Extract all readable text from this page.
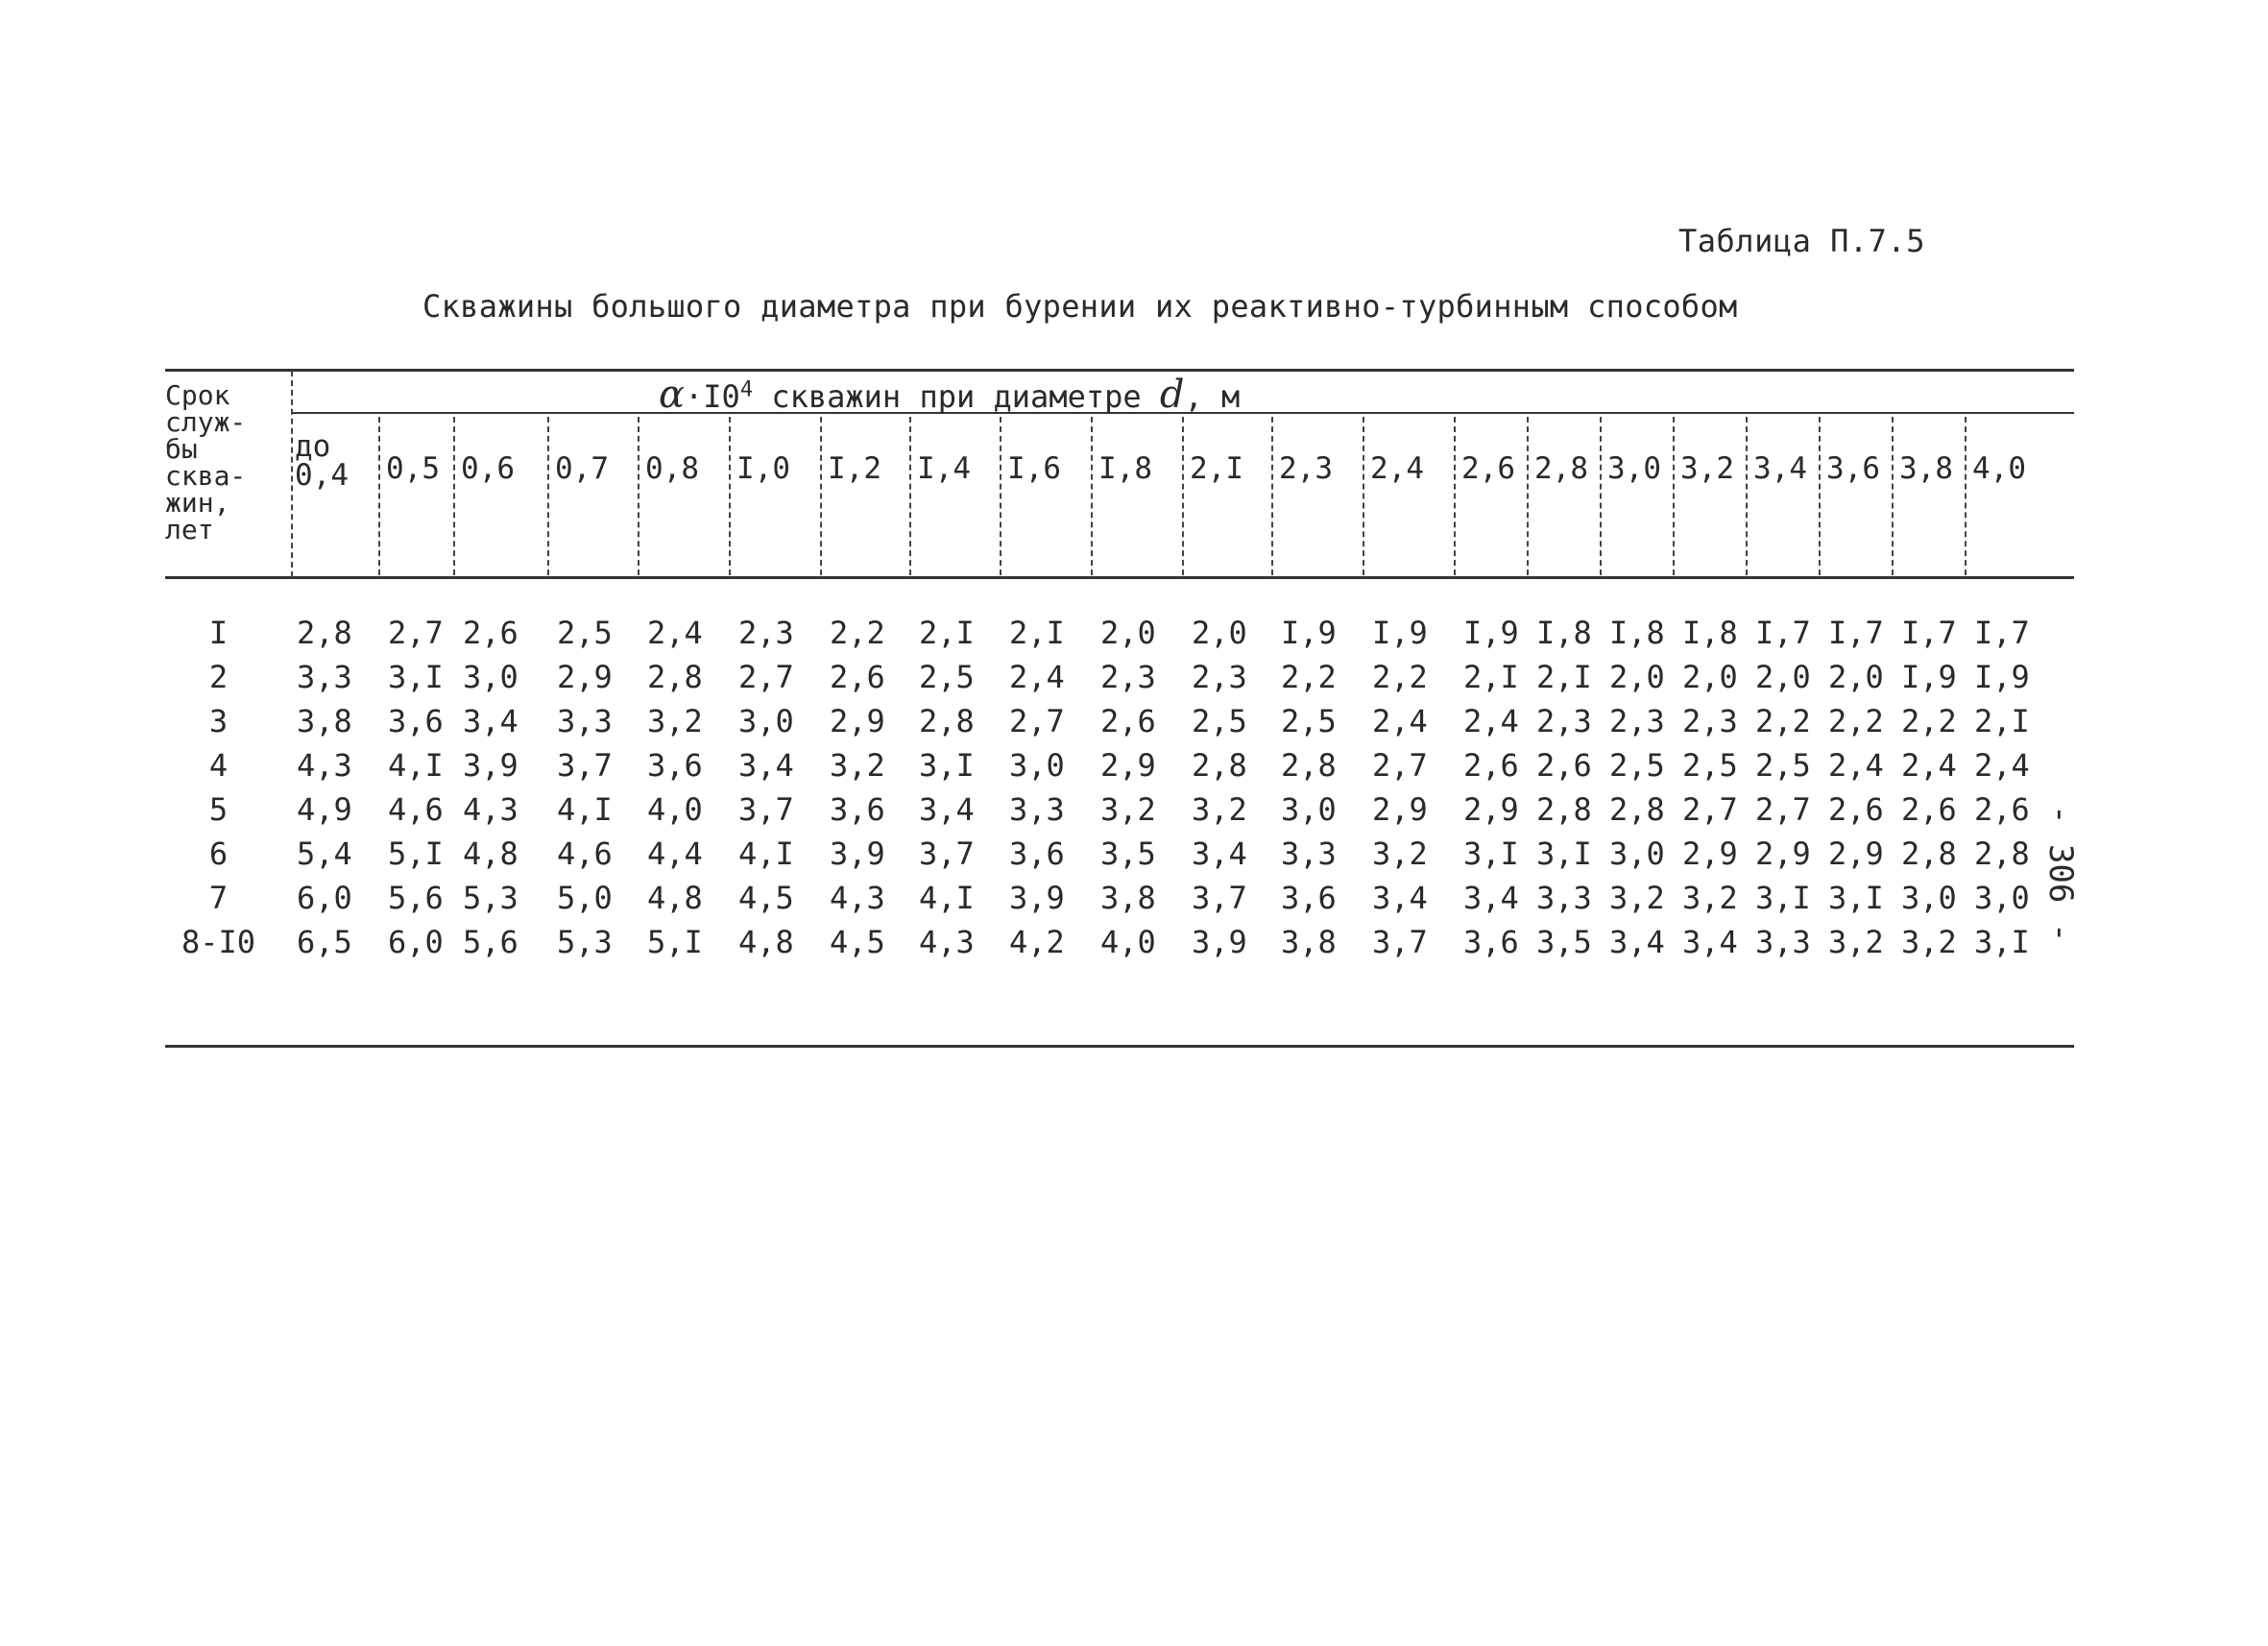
Таблица П.7.5
Скважины большого диаметра при бурении их реактивно-турбинным способом
Срок
служ-
бы
сква-
жин,
лет
$\alpha\cdot I0^4$ скважин при диаметре d, м
до
0,4 0,5 0,6 0,7 0,8 I,0 I,2 I,4 I,6 I,8 2,I 2,3 2,4 2,6 2,8 3,0 3,2 3,4 3,6 3,8 4,0
I	2,8 2,7 2,6 2,5 2,4 2,3 2,2 2,I 2,I 2,0 2,0 I,9 I,9 I,9 I,8 I,8 I,8 I,7 I,7 I,7 I,7
2	3,3 3,I 3,0 2,9 2,8 2,7 2,6 2,5 2,4 2,3 2,3 2,2 2,2 2,I 2,I 2,0 2,0 2,0 2,0 I,9 I,9
3	3,8 3,6 3,4 3,3 3,2 3,0 2,9 2,8 2,7 2,6 2,5 2,5 2,4 2,4 2,3 2,3 2,3 2,2 2,2 2,2 2,I
4	4,3 4,I 3,9 3,7 3,6 3,4 3,2 3,I 3,0 2,9 2,8 2,8 2,7 2,6 2,6 2,5 2,5 2,5 2,4 2,4 2,4
5	4,9 4,6 4,3 4,I 4,0 3,7 3,6 3,4 3,3 3,2 3,2 3,0 2,9 2,9 2,8 2,8 2,7 2,7 2,6 2,6 2,6
6	5,4 5,I 4,8 4,6 4,4 4,I 3,9 3,7 3,6 3,5 3,4 3,3 3,2 3,I 3,I 3,0 2,9 2,9 2,9 2,8 2,8
7	6,0 5,6 5,3 5,0 4,8 4,5 4,3 4,I 3,9 3,8 3,7 3,6 3,4 3,4 3,3 3,2 3,2 3,I 3,I 3,0 3,0
8-I0	6,5 6,0 5,6 5,3 5,I 4,8 4,5 4,3 4,2 4,0 3,9 3,8 3,7 3,6 3,5 3,4 3,4 3,3 3,2 3,2 3,I - 306 -
